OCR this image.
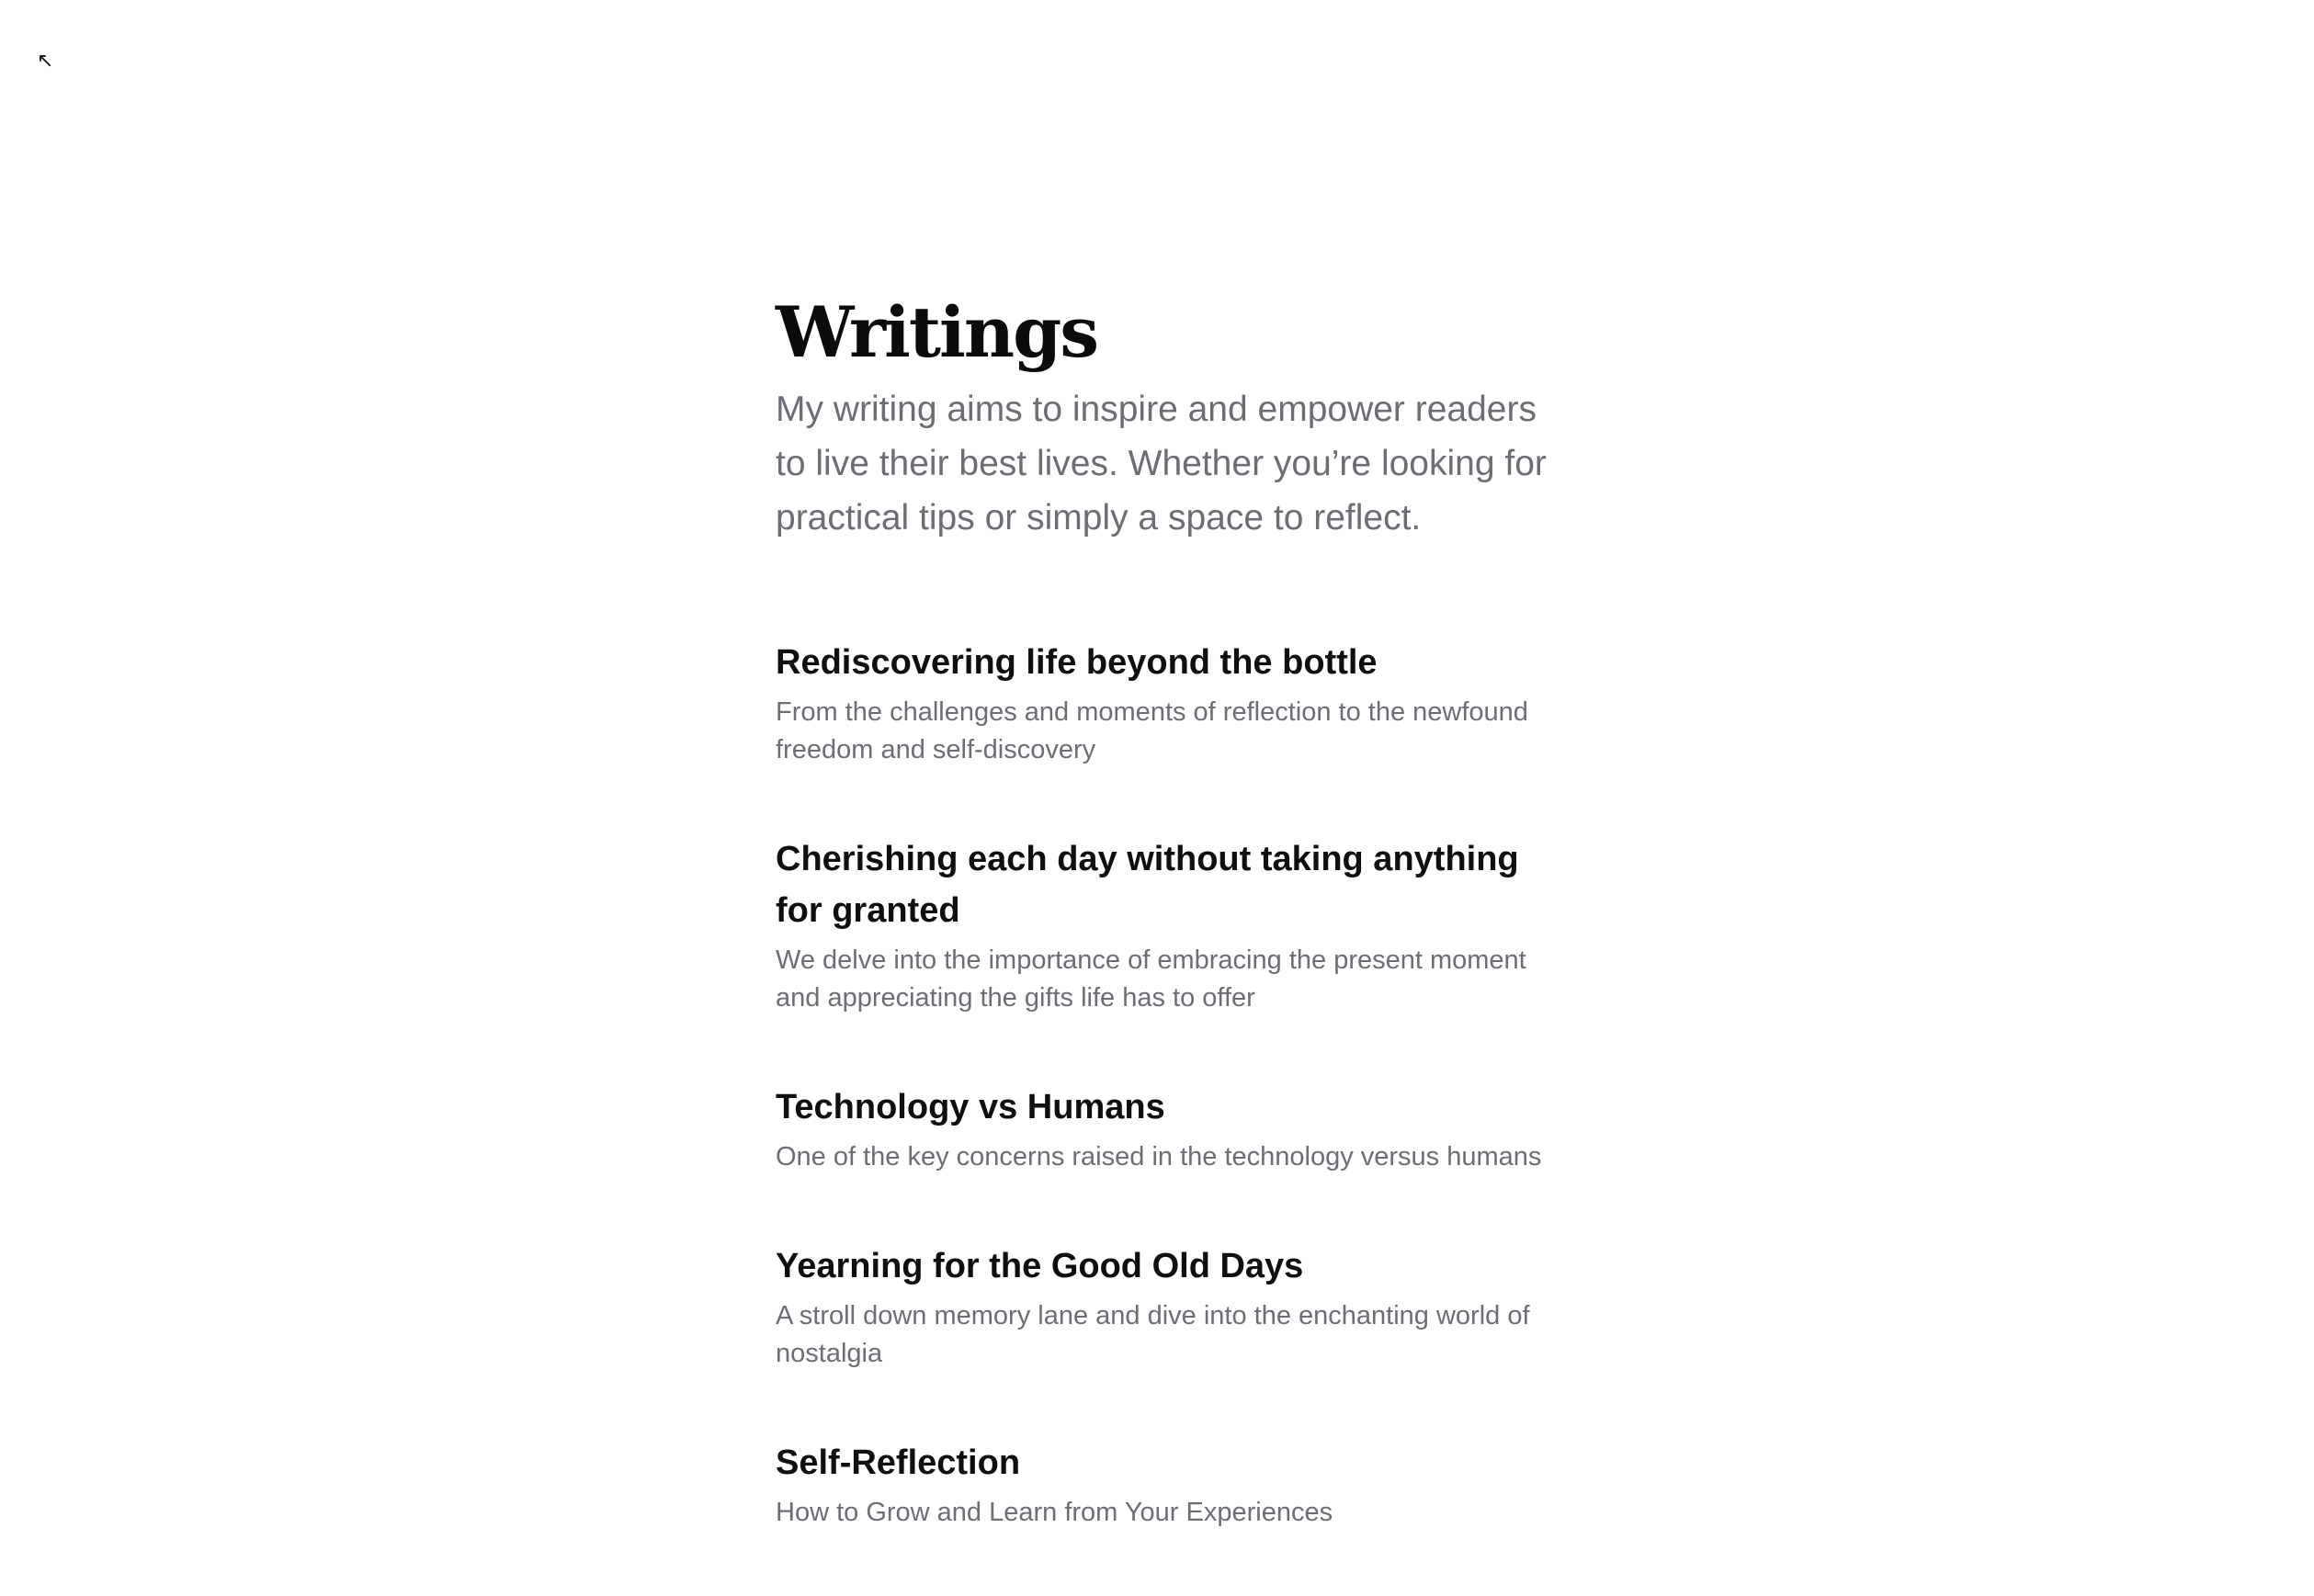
↖
Writings

My writing aims to inspire and empower readers to live their best lives. Whether you’re looking for practical tips or simply a space to reflect.

Rediscovering life beyond the bottle

From the challenges and moments of reflection to the newfound freedom and self-discovery

Cherishing each day without taking anything for granted

We delve into the importance of embracing the present moment and appreciating the gifts life has to offer

Technology vs Humans

One of the key concerns raised in the technology versus humans

Yearning for the Good Old Days

A stroll down memory lane and dive into the enchanting world of nostalgia

Self-Reflection

How to Grow and Learn from Your Experiences
